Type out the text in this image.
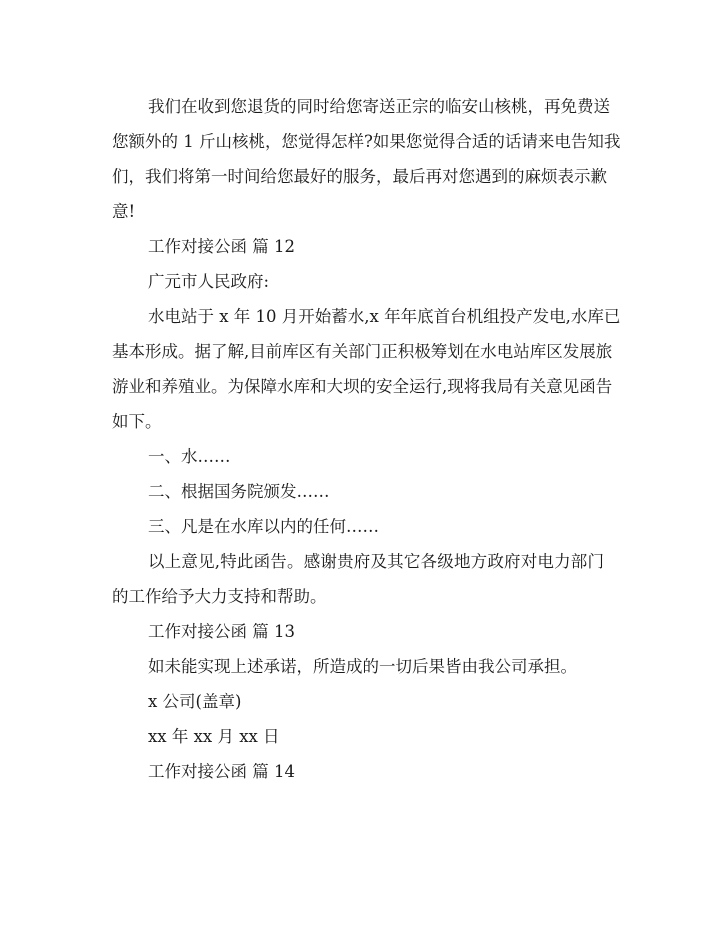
我们在收到您退货的同时给您寄送正宗的临安山核桃，再免费送
您额外的 1 斤山核桃，您觉得怎样?如果您觉得合适的话请来电告知我
们，我们将第一时间给您最好的服务，最后再对您遇到的麻烦表示歉
意!
工作对接公函 篇 12
广元市人民政府:
水电站于 x 年 10 月开始蓄水,x 年年底首台机组投产发电,水库已
基本形成。据了解,目前库区有关部门正积极筹划在水电站库区发展旅
游业和养殖业。为保障水库和大坝的安全运行,现将我局有关意见函告
如下。
一、水……
二、根据国务院颁发……
三、凡是在水库以内的任何……
以上意见,特此函告。感谢贵府及其它各级地方政府对电力部门
的工作给予大力支持和帮助。
工作对接公函 篇 13
如未能实现上述承诺，所造成的一切后果皆由我公司承担。
x 公司(盖章)
xx 年 xx 月 xx 日
工作对接公函 篇 14
